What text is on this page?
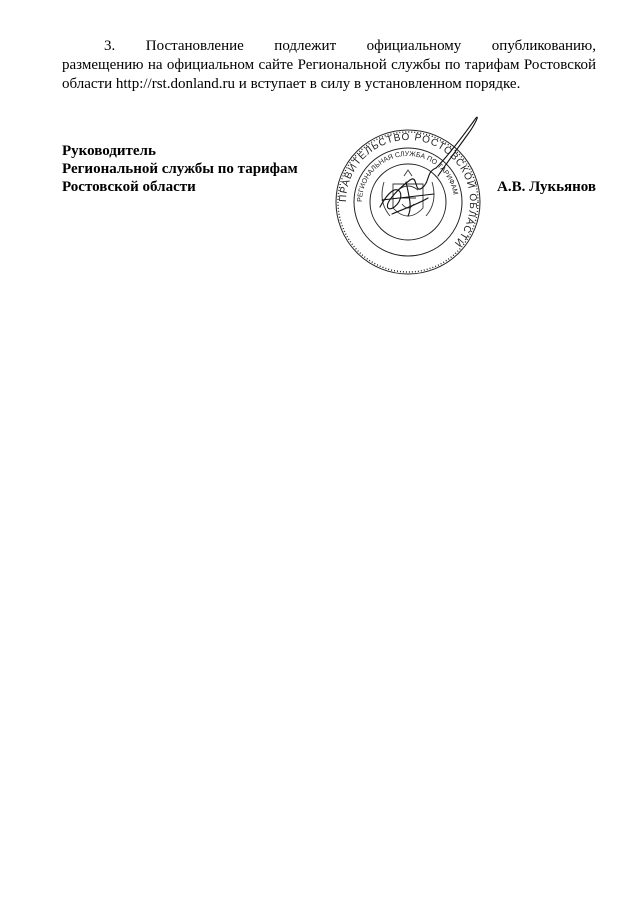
3. Постановление подлежит официальному опубликованию,
размещению на официальном сайте Региональной службы по тарифам Ростовской области http://rst.donland.ru и вступает в силу в установленном порядке.
Руководитель
Региональной службы по тарифам
Ростовской области	А.В. Лукьянов
ПРАВИТЕЛЬСТВО РОСТОВСКОЙ ОБЛАСТИ
РЕГИОНАЛЬНАЯ СЛУЖБА ПО ТАРИФАМ
